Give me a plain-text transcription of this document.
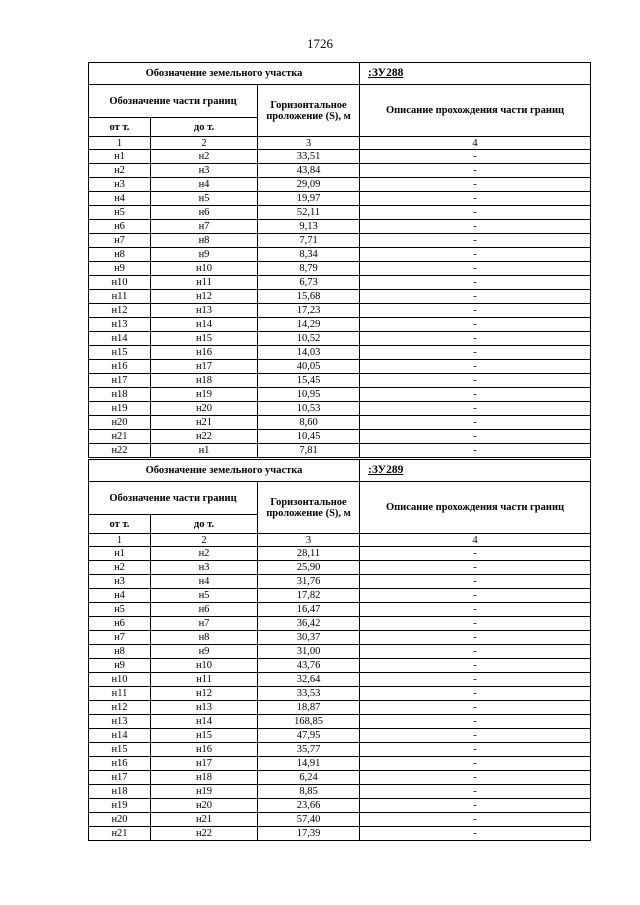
1726
Обозначение земельного участка			:ЗУ288
Обозначение части границ		Горизонтальное проложение (S), м	Описание прохождения части границ
от т.	до т.		
1	2	3	4
н1	н2	33,51	-
н2	н3	43,84	-
н3	н4	29,09	-
н4	н5	19,97	-
н5	н6	52,11	-
н6	н7	9,13	-
н7	н8	7,71	-
н8	н9	8,34	-
н9	н10	8,79	-
н10	н11	6,73	-
н11	н12	15,68	-
н12	н13	17,23	-
н13	н14	14,29	-
н14	н15	10,52	-
н15	н16	14,03	-
н16	н17	40,05	-
н17	н18	15,45	-
н18	н19	10,95	-
н19	н20	10,53	-
н20	н21	8,60	-
н21	н22	10,45	-
н22	н1	7,81	-
Обозначение земельного участка			:ЗУ289
Обозначение части границ		Горизонтальное проложение (S), м	Описание прохождения части границ
от т.	до т.		
1	2	3	4
н1	н2	28,11	-
н2	н3	25,90	-
н3	н4	31,76	-
н4	н5	17,82	-
н5	н6	16,47	-
н6	н7	36,42	-
н7	н8	30,37	-
н8	н9	31,00	-
н9	н10	43,76	-
н10	н11	32,64	-
н11	н12	33,53	-
н12	н13	18,87	-
н13	н14	168,85	-
н14	н15	47,95	-
н15	н16	35,77	-
н16	н17	14,91	-
н17	н18	6,24	-
н18	н19	8,85	-
н19	н20	23,66	-
н20	н21	57,40	-
н21	н22	17,39	-
